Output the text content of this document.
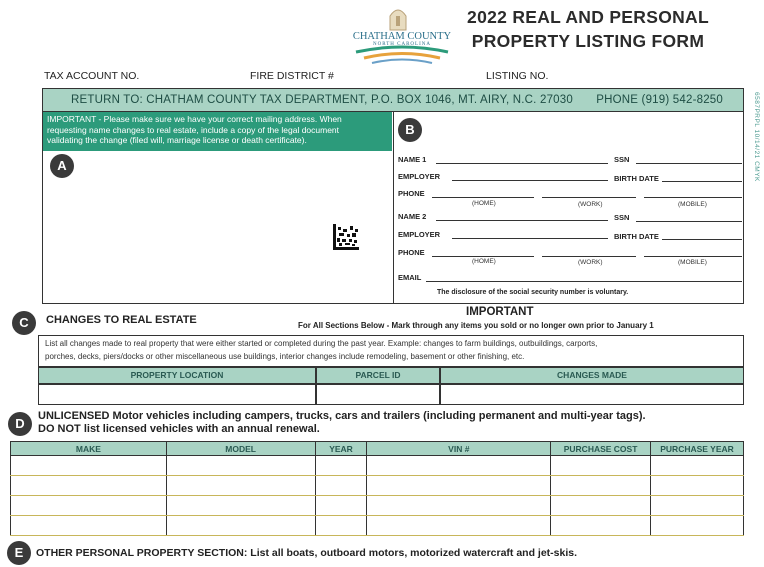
CHATHAM COUNTY
NORTH CAROLINA
2022 REAL AND PERSONAL
PROPERTY LISTING FORM
TAX ACCOUNT NO.	FIRE DISTRICT #	LISTING NO.
RETURN TO: CHATHAM COUNTY TAX DEPARTMENT, P.O. BOX 1046, MT. AIRY, N.C. 27030 PHONE (919) 542-8250
IMPORTANT - Please make sure we have your correct mailing address. When
requesting name changes to real estate, include a copy of the legal document
validating the change (filed will, marriage license or death certificate).
A
B
NAME 1	SSN
EMPLOYER	BIRTH DATE
PHONE
(HOME)	(WORK)	(MOBILE)
NAME 2	SSN
EMPLOYER	BIRTH DATE
PHONE
(HOME)	(WORK)	(MOBILE)
EMAIL
The disclosure of the social security number is voluntary.
6587PRPL 10/14/21 CMYK
C	CHANGES TO REAL ESTATE
IMPORTANT
For All Sections Below - Mark through any items you sold or no longer own prior to January 1
List all changes made to real property that were either started or completed during the past year. Example: changes to farm buildings, outbuildings, carports,
porches, decks, piers/docks or other miscellaneous use buildings, interior changes include remodeling, basement or other finishing, etc.
PROPERTY LOCATION	PARCEL ID	CHANGES MADE
D	UNLICENSED Motor vehicles including campers, trucks, cars and trailers (including permanent and multi-year tags).
DO NOT list licensed vehicles with an annual renewal.
MAKE	MODEL	YEAR	VIN #	PURCHASE COST	PURCHASE YEAR

E	OTHER PERSONAL PROPERTY SECTION: List all boats, outboard motors, motorized watercraft and jet-skis.
